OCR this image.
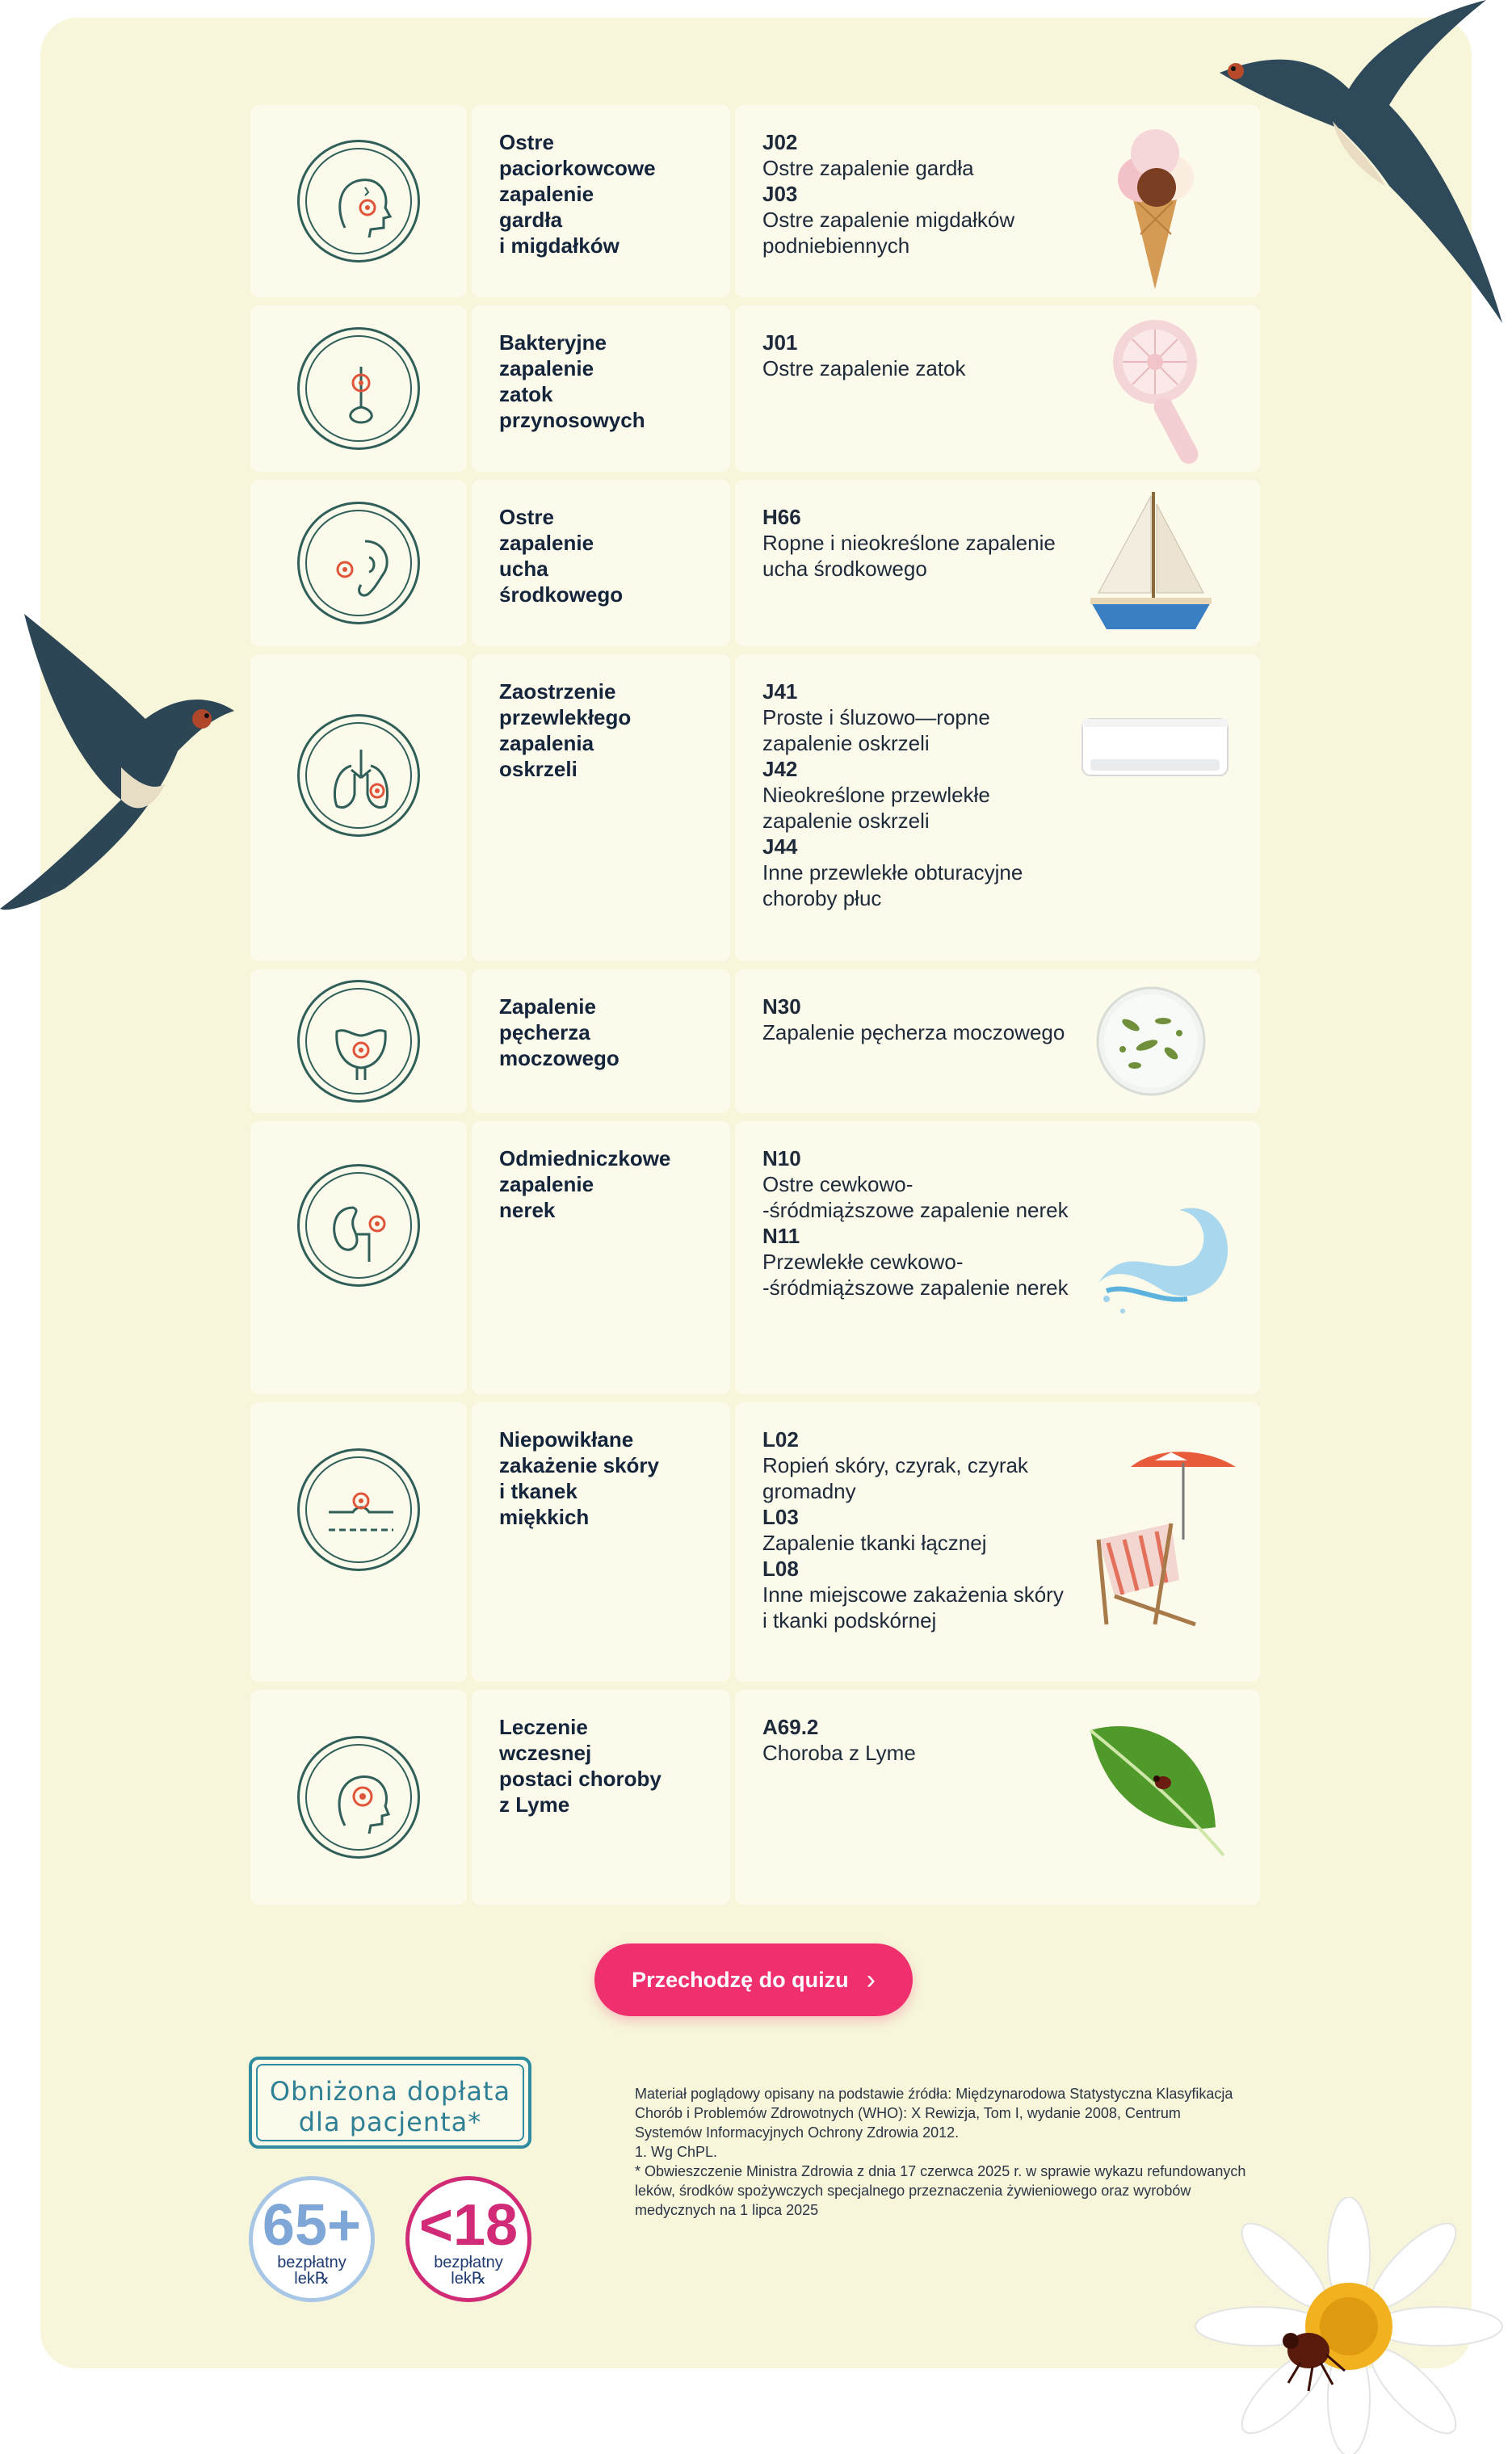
Ostre
paciorkowcowe
zapalenie
gardła
i migdałków
J02
Ostre zapalenie gardła
J03
Ostre zapalenie migdałków podniebiennych
Bakteryjne
zapalenie
zatok
przynosowych
J01
Ostre zapalenie zatok
Ostre
zapalenie
ucha
środkowego
H66
Ropne i nieokreślone zapalenie ucha środkowego
Zaostrzenie
przewlekłego
zapalenia
oskrzeli
J41
Proste i śluzowo—ropne zapalenie oskrzeli
J42
Nieokreślone przewlekłe zapalenie oskrzeli
J44
Inne przewlekłe obturacyjne choroby płuc
Zapalenie
pęcherza
moczowego
N30
Zapalenie pęcherza moczowego
Odmiedniczkowe
zapalenie
nerek
N10
Ostre cewkowo-
-śródmiąższowe zapalenie nerek
N11
Przewlekłe cewkowo-
-śródmiąższowe zapalenie nerek
Niepowikłane
zakażenie skóry
i tkanek
miękkich
L02
Ropień skóry, czyrak, czyrak gromadny
L03
Zapalenie tkanki łącznej
L08
Inne miejscowe zakażenia skóry i tkanki podskórnej
Leczenie
wczesnej
postaci choroby
z Lyme
A69.2
Choroba z Lyme
Przechodzę do quizu ›
Obniżona dopłata
dla pacjenta*
65+
bezpłatny
lek℞
<18
bezpłatny
lek℞

Materiał poglądowy opisany na podstawie źródła: Międzynarodowa Statystyczna Klasyfikacja Chorób i Problemów Zdrowotnych (WHO): X Rewizja, Tom I, wydanie 2008, Centrum Systemów Informacyjnych Ochrony Zdrowia 2012.

1. Wg ChPL.

* Obwieszczenie Ministra Zdrowia z dnia 17 czerwca 2025 r. w sprawie wykazu refundowanych leków, środków spożywczych specjalnego przeznaczenia żywieniowego oraz wyrobów medycznych na 1 lipca 2025
